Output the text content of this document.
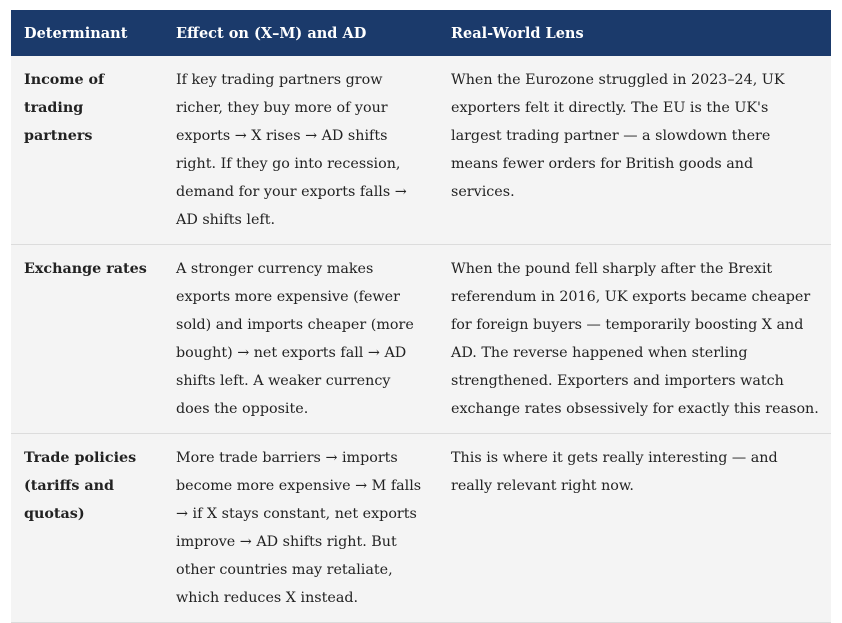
Determinant	Effect on (X–M) and AD	Real-World Lens
Income of trading partners	If key trading partners grow richer, they buy more of your exports → X rises → AD shifts right. If they go into recession, demand for your exports falls → AD shifts left.	When the Eurozone struggled in 2023–24, UK exporters felt it directly. The EU is the UK's largest trading partner — a slowdown there means fewer orders for British goods and services.
Exchange rates	A stronger currency makes exports more expensive (fewer sold) and imports cheaper (more bought) → net exports fall → AD shifts left. A weaker currency does the opposite.	When the pound fell sharply after the Brexit referendum in 2016, UK exports became cheaper for foreign buyers — temporarily boosting X and AD. The reverse happened when sterling strengthened. Exporters and importers watch exchange rates obsessively for exactly this reason.
Trade policies (tariffs and quotas)	More trade barriers → imports become more expensive → M falls → if X stays constant, net exports improve → AD shifts right. But other countries may retaliate, which reduces X instead.	This is where it gets really interesting — and really relevant right now.
